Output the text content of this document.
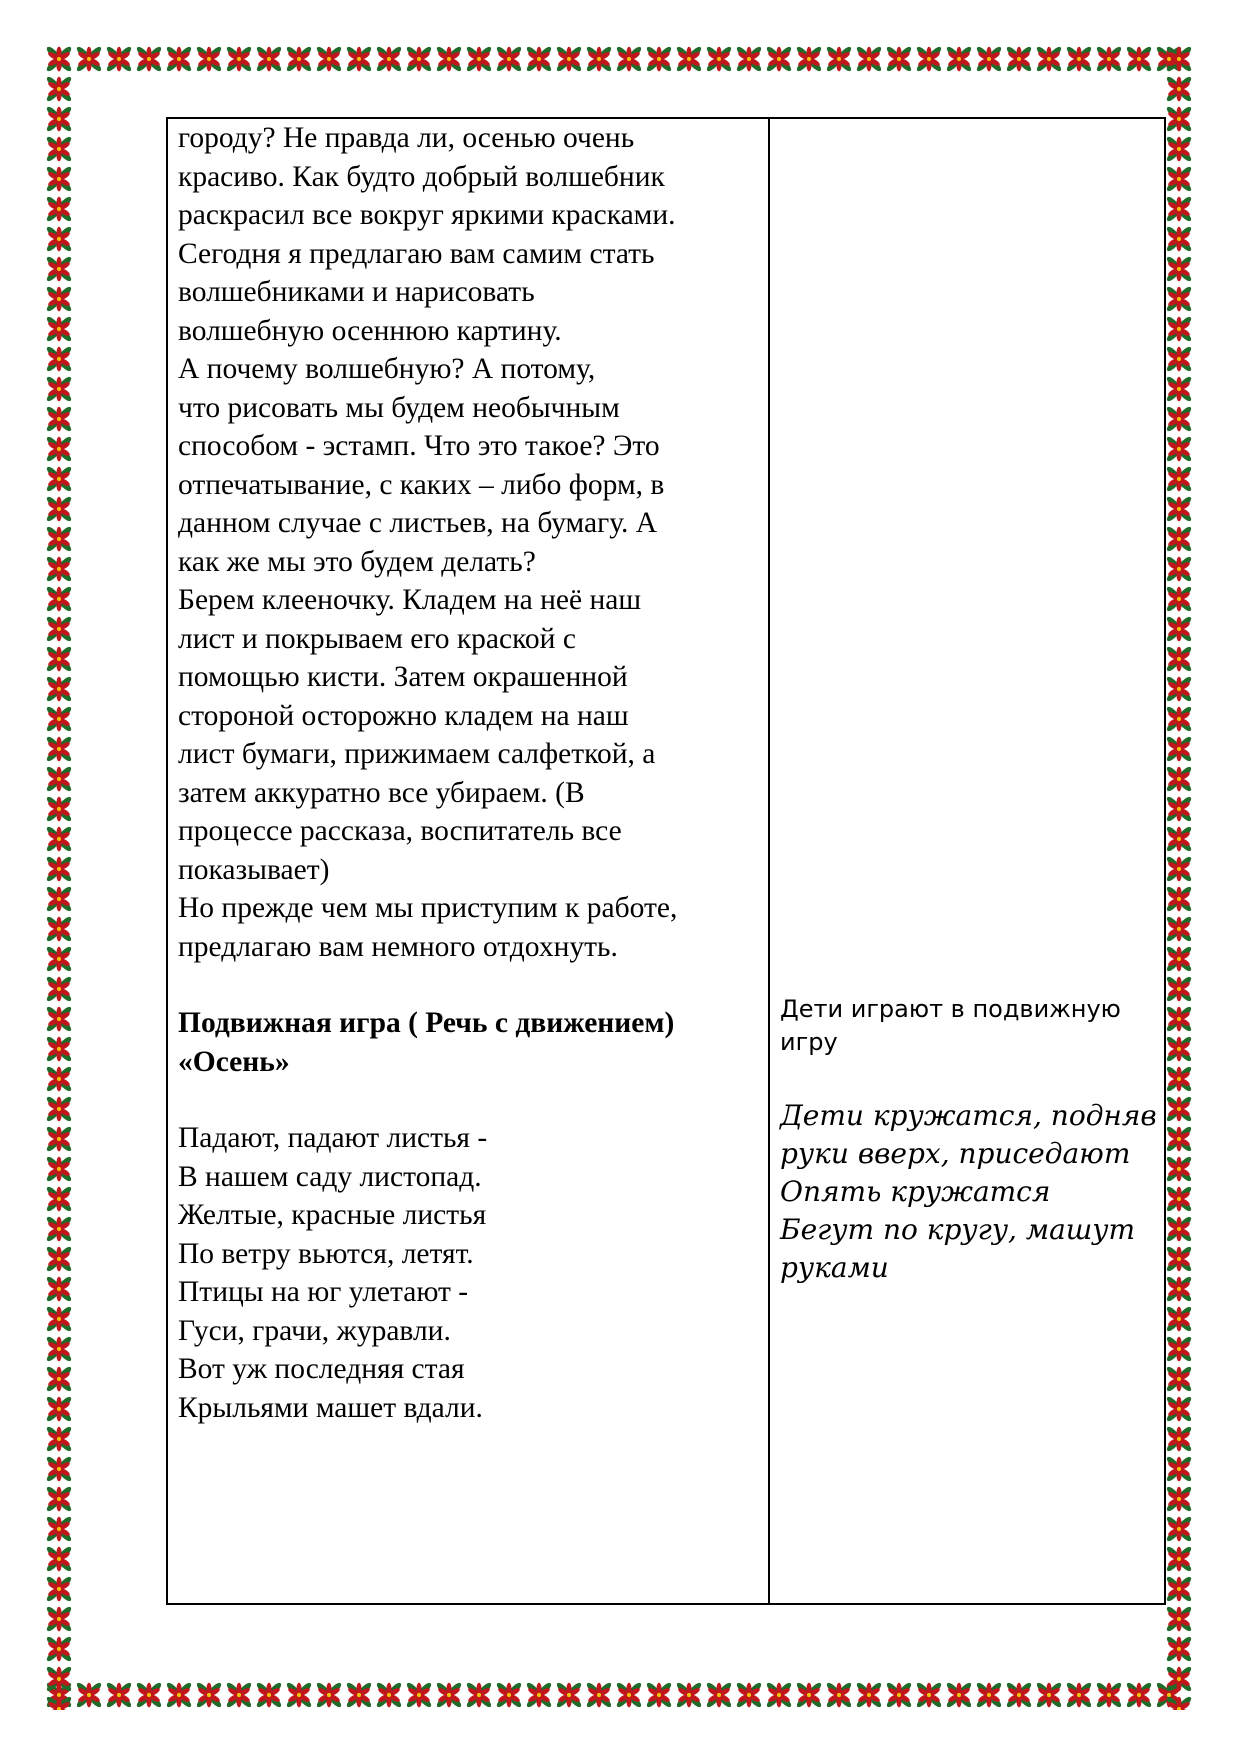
городу? Не правда ли, осенью очень
красиво. Как будто добрый волшебник
раскрасил все вокруг яркими красками.
Сегодня я предлагаю вам самим стать
волшебниками и нарисовать
волшебную осеннюю картину.
А почему волшебную? А потому,
что рисовать мы будем необычным
способом - эстамп. Что это такое? Это
отпечатывание, с каких – либо форм, в
данном случае с листьев, на бумагу. А
как же мы это будем делать?
Берем клееночку. Кладем на неё наш
лист и покрываем его краской с
помощью кисти. Затем окрашенной
стороной осторожно кладем на наш
лист бумаги, прижимаем салфеткой, а
затем аккуратно все убираем. (В
процессе рассказа, воспитатель все
показывает)
Но прежде чем мы приступим к работе,
предлагаю вам немного отдохнуть.
Подвижная игра ( Речь с движением)
«Осень»
Падают, падают листья -
В нашем саду листопад.
Желтые, красные листья
По ветру вьются, летят.
Птицы на юг улетают -
Гуси, грачи, журавли.
Вот уж последняя стая
Крыльями машет вдали.
Дети играют в подвижную
игру
Дети кружатся, подняв
руки вверх, приседают
Опять кружатся
Бегут по кругу, машут
руками
